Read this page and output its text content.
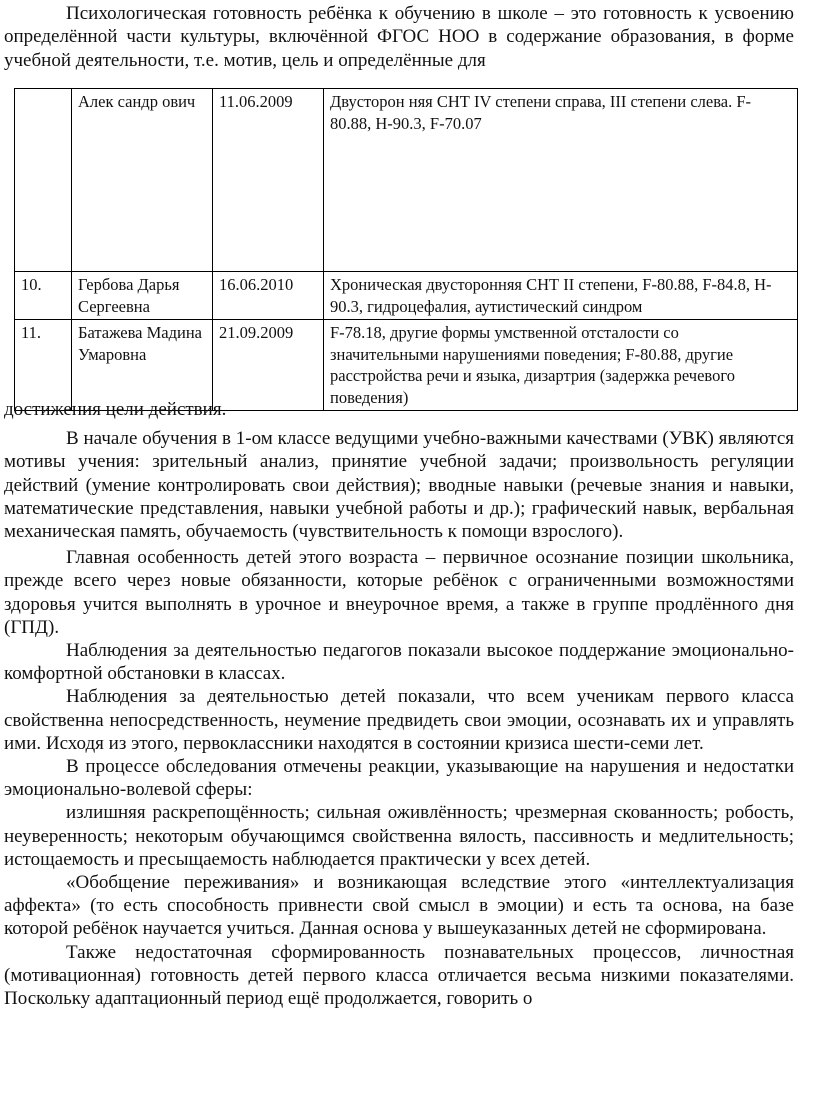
Психологическая готовность ребёнка к обучению в школе – это готовность к усвоению определённой части культуры, включённой ФГОС НОО в содержание образования, в форме учебной деятельности, т.е. мотив, цель и определённые для

	Алек сандр ович	11.06.2009	Двусторон няя СНТ IV степени справа, III степени слева. F-80.88, H-90.3, F-70.07
10.	Гербова Дарья Сергеевна	16.06.2010	Хроническая двусторонняя СНТ II степени, F-80.88, F-84.8, H-90.3, гидроцефалия, аутистический синдром
11.	Батажева Мадина Умаровна	21.09.2009	F-78.18, другие формы умственной отсталости со значительными нарушениями поведения; F-80.88, другие расстройства речи и языка, дизартрия (задержка речевого поведения)

достижения цели действия.

В начале обучения в 1-ом классе ведущими учебно-важными качествами (УВК) являются мотивы учения: зрительный анализ, принятие учебной задачи; произвольность регуляции действий (умение контролировать свои действия); вводные навыки (речевые знания и навыки, математические представления, навыки учебной работы и др.); графический навык, вербальная механическая память, обучаемость (чувствительность к помощи взрослого).

Главная особенность детей этого возраста – первичное осознание позиции школьника, прежде всего через новые обязанности, которые ребёнок с ограниченными возможностями здоровья учится выполнять в урочное и внеурочное время, а также в группе продлённого дня (ГПД).

Наблюдения за деятельностью педагогов показали высокое поддержание эмоционально-комфортной обстановки в классах.

Наблюдения за деятельностью детей показали, что всем ученикам первого класса свойственна непосредственность, неумение предвидеть свои эмоции, осознавать их и управлять ими. Исходя из этого, первоклассники находятся в состоянии кризиса шести-семи лет.

В процессе обследования отмечены реакции, указывающие на нарушения и недостатки эмоционально-волевой сферы:

излишняя раскрепощённость; сильная оживлённость; чрезмерная скованность; робость, неуверенность; некоторым обучающимся свойственна вялость, пассивность и медлительность; истощаемость и пресыщаемость наблюдается практически у всех детей.

«Обобщение переживания» и возникающая вследствие этого «интеллектуализация аффекта» (то есть способность привнести свой смысл в эмоции) и есть та основа, на базе которой ребёнок научается учиться. Данная основа у вышеуказанных детей не сформирована.

Также недостаточная сформированность познавательных процессов, личностная (мотивационная) готовность детей первого класса отличается весьма низкими показателями. Поскольку адаптационный период ещё продолжается, говорить о
